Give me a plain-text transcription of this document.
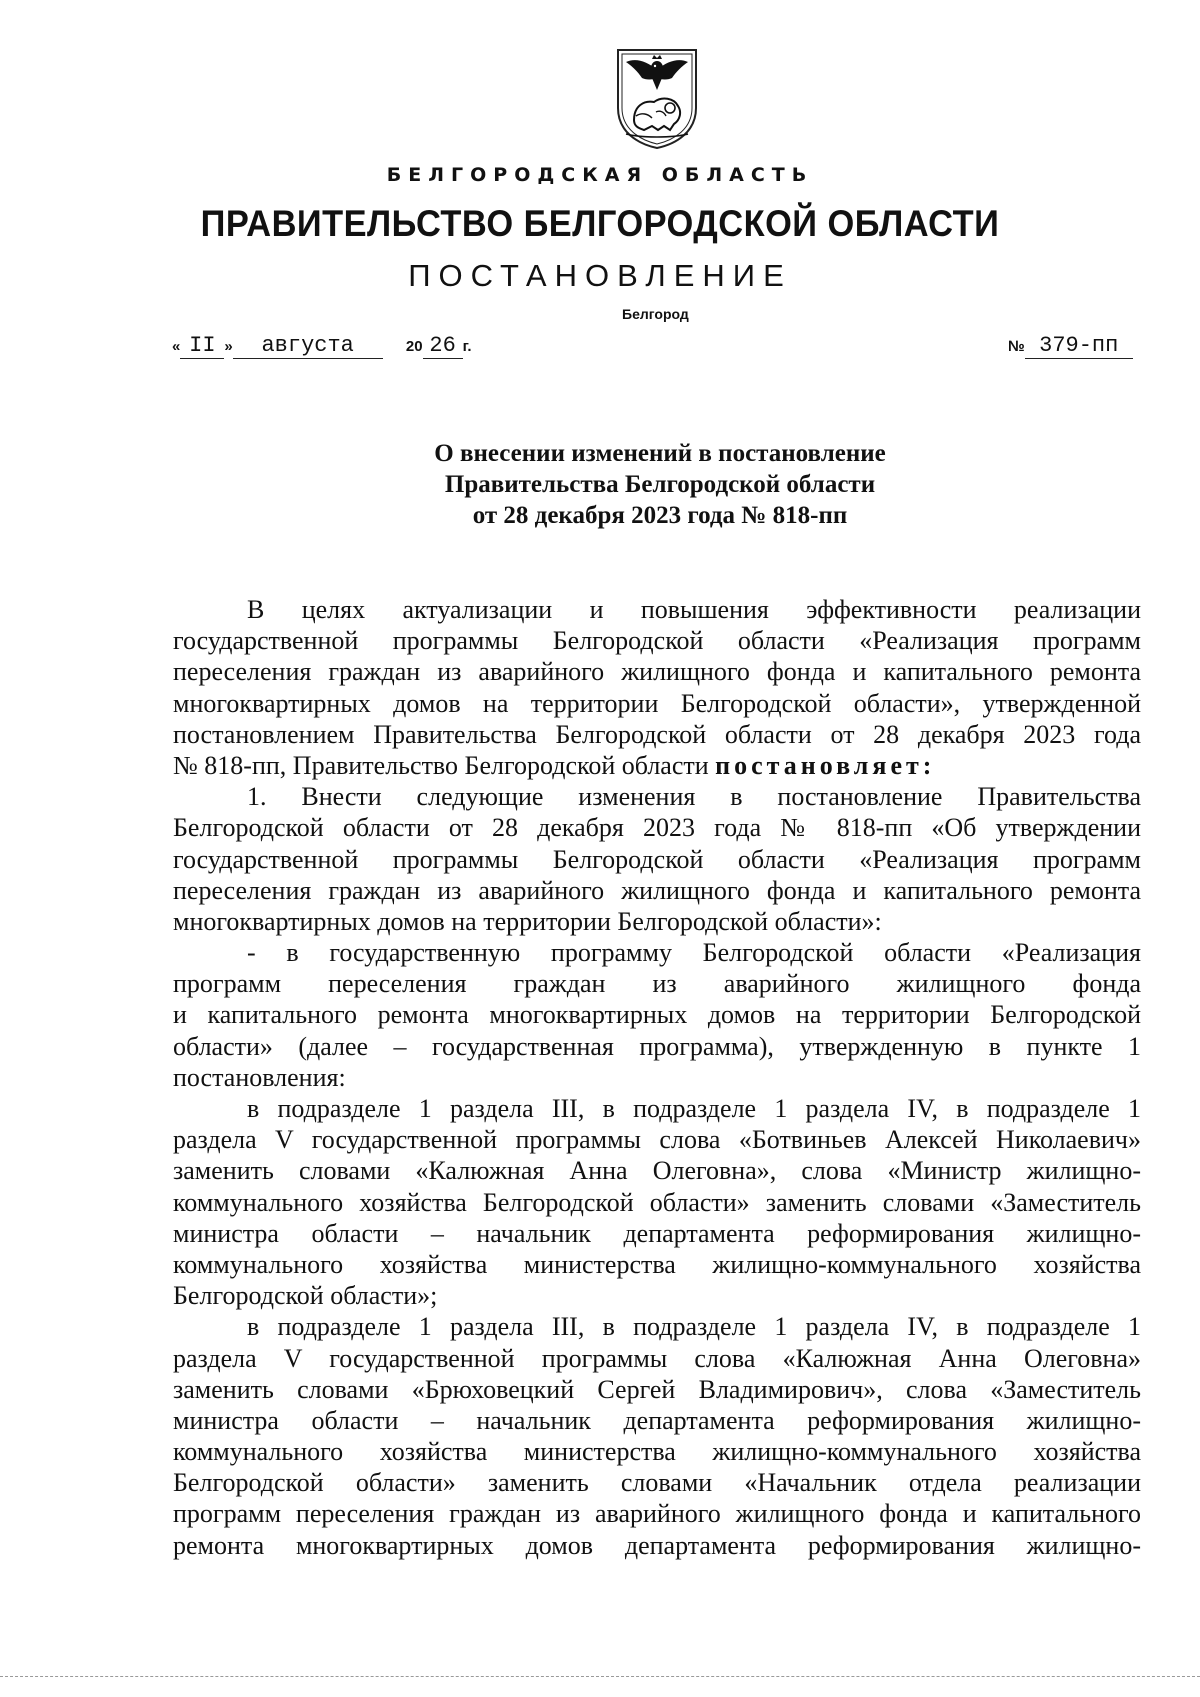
БЕЛГОРОДСКАЯ ОБЛАСТЬ
ПРАВИТЕЛЬСТВО БЕЛГОРОДСКОЙ ОБЛАСТИ
ПОСТАНОВЛЕНИЕ
Белгород
« II » августа	20 26 г.	№ 379-пп
О внесении изменений в постановление
Правительства Белгородской области
от 28 декабря 2023 года № 818-пп
В целях актуализации и повышения эффективности реализации
государственной программы Белгородской области «Реализация программ
переселения граждан из аварийного жилищного фонда и капитального ремонта
многоквартирных домов на территории Белгородской области», утвержденной
постановлением Правительства Белгородской области от 28 декабря 2023 года
№ 818-пп, Правительство Белгородской области постановляет:
1. Внести следующие изменения в постановление Правительства
Белгородской области от 28 декабря 2023 года № 818-пп «Об утверждении
государственной программы Белгородской области «Реализация программ
переселения граждан из аварийного жилищного фонда и капитального ремонта
многоквартирных домов на территории Белгородской области»:
- в государственную программу Белгородской области «Реализация
программ переселения граждан из аварийного жилищного фонда
и капитального ремонта многоквартирных домов на территории Белгородской
области» (далее – государственная программа), утвержденную в пункте 1
постановления:
в подразделе 1 раздела III, в подразделе 1 раздела IV, в подразделе 1
раздела V государственной программы слова «Ботвиньев Алексей Николаевич»
заменить словами «Калюжная Анна Олеговна», слова «Министр жилищно-
коммунального хозяйства Белгородской области» заменить словами «Заместитель
министра области – начальник департамента реформирования жилищно-
коммунального хозяйства министерства жилищно-коммунального хозяйства
Белгородской области»;
в подразделе 1 раздела III, в подразделе 1 раздела IV, в подразделе 1
раздела V государственной программы слова «Калюжная Анна Олеговна»
заменить словами «Брюховецкий Сергей Владимирович», слова «Заместитель
министра области – начальник департамента реформирования жилищно-
коммунального хозяйства министерства жилищно-коммунального хозяйства
Белгородской области» заменить словами «Начальник отдела реализации
программ переселения граждан из аварийного жилищного фонда и капитального
ремонта многоквартирных домов департамента реформирования жилищно-
